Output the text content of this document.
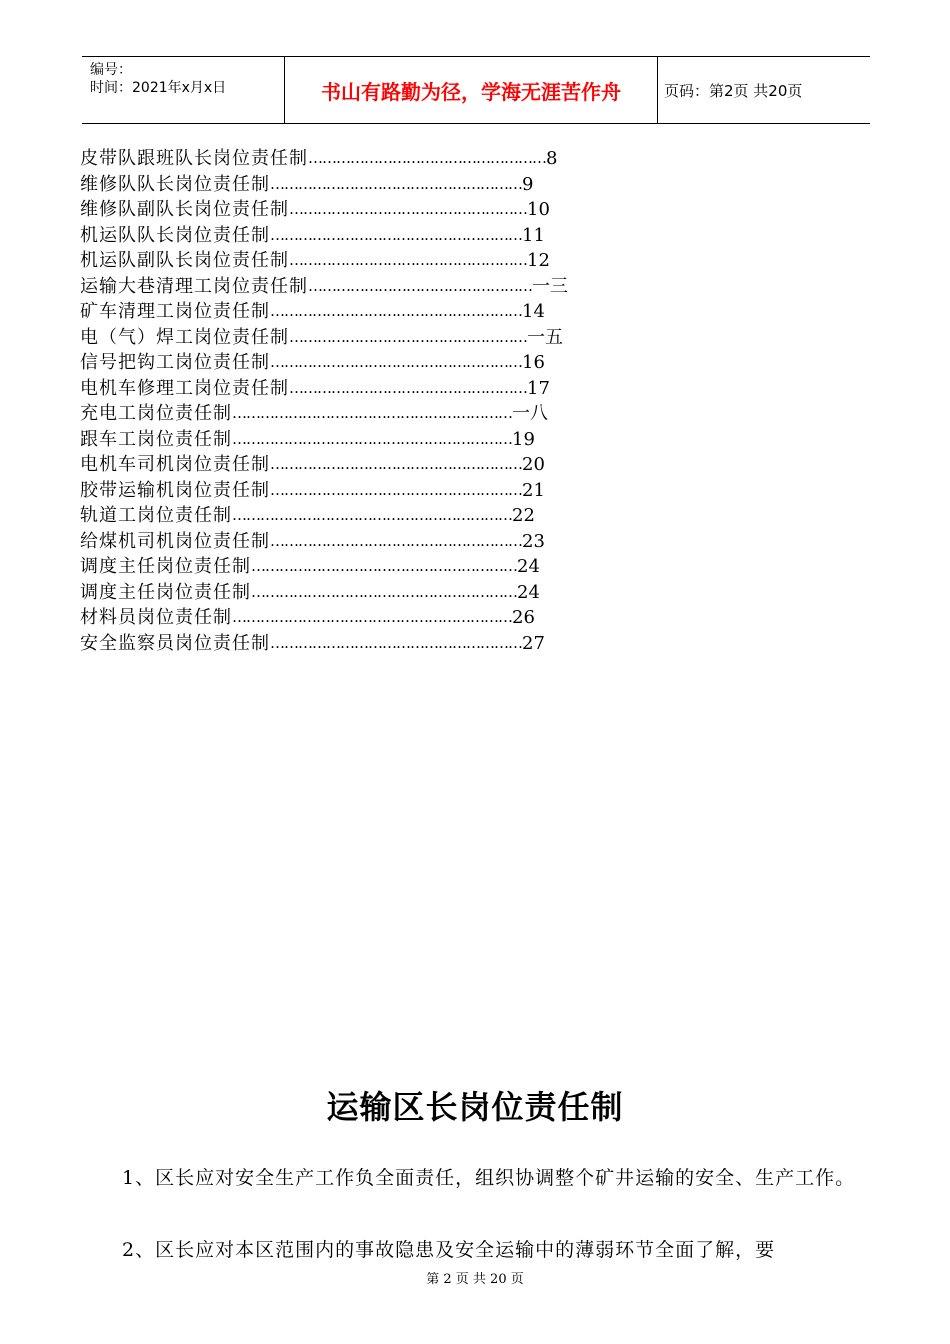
编号：
时间：2021年x月x日	书山有路勤为径，学海无涯苦作舟	页码：第2页 共20页
皮带队跟班队长岗位责任制 …………………………………………… 8
维修队队长岗位责任制 ……………………………………………… 9
维修队副队长岗位责任制 …………………………………………… 10
机运队队长岗位责任制 ……………………………………………… 11
机运队副队长岗位责任制 …………………………………………… 12
运输大巷清理工岗位责任制 ………………………………………… 一三
矿车清理工岗位责任制 ……………………………………………… 14
电（气）焊工岗位责任制 …………………………………………… 一五
信号把钩工岗位责任制 ……………………………………………… 16
电机车修理工岗位责任制 …………………………………………… 17
充电工岗位责任制 …………………………………………………… 一八
跟车工岗位责任制 …………………………………………………… 19
电机车司机岗位责任制 ……………………………………………… 20
胶带运输机岗位责任制 ……………………………………………… 21
轨道工岗位责任制 …………………………………………………… 22
给煤机司机岗位责任制 ……………………………………………… 23
调度主任岗位责任制 ………………………………………………… 24
调度主任岗位责任制 ………………………………………………… 24
材料员岗位责任制 …………………………………………………… 26
安全监察员岗位责任制 ……………………………………………… 27
运输区长岗位责任制
1、区长应对安全生产工作负全面责任，组织协调整个矿井运输的安全、生产工作。
2、区长应对本区范围内的事故隐患及安全运输中的薄弱环节全面了解，要
第 2 页 共 20 页
